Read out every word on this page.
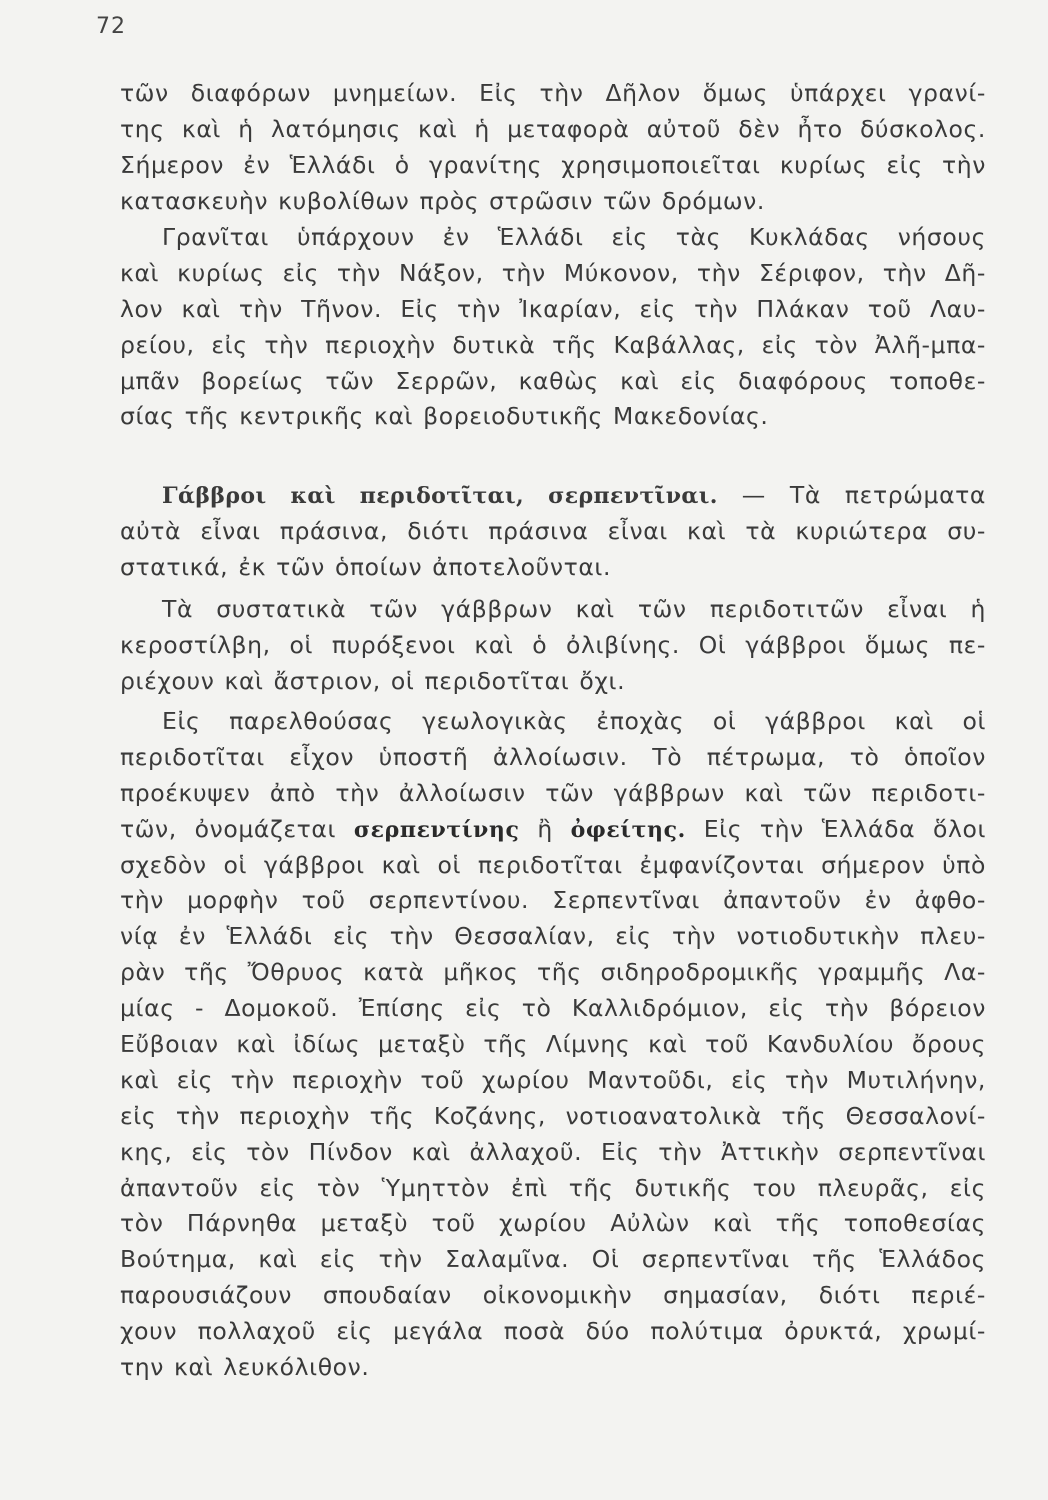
72
τῶν διαφόρων μνημείων. Εἰς τὴν Δῆλον ὅμως ὑπάρχει γρανί-
της καὶ ἡ λατόμησις καὶ ἡ μεταφορὰ αὐτοῦ δὲν ἦτο δύσκολος.
Σήμερον ἐν Ἑλλάδι ὁ γρανίτης χρησιμοποιεῖται κυρίως εἰς τὴν
κατασκευὴν κυβολίθων πρὸς στρῶσιν τῶν δρόμων.
Γρανῖται ὑπάρχουν ἐν Ἑλλάδι εἰς τὰς Κυκλάδας νήσους
καὶ κυρίως εἰς τὴν Νάξον, τὴν Μύκονον, τὴν Σέριφον, τὴν Δῆ-
λον καὶ τὴν Τῆνον. Εἰς τὴν Ἰκαρίαν, εἰς τὴν Πλάκαν τοῦ Λαυ-
ρείου, εἰς τὴν περιοχὴν δυτικὰ τῆς Καβάλλας, εἰς τὸν Ἀλῆ-μπα-
μπᾶν βορείως τῶν Σερρῶν, καθὼς καὶ εἰς διαφόρους τοποθε-
σίας τῆς κεντρικῆς καὶ βορειοδυτικῆς Μακεδονίας.
Γάββροι καὶ περιδοτῖται, σερπεντῖναι. — Τὰ πετρώματα
αὐτὰ εἶναι πράσινα, διότι πράσινα εἶναι καὶ τὰ κυριώτερα συ-
στατικά, ἐκ τῶν ὁποίων ἀποτελοῦνται.
Τὰ συστατικὰ τῶν γάββρων καὶ τῶν περιδοτιτῶν εἶναι ἡ
κεροστίλβη, οἱ πυρόξενοι καὶ ὁ ὀλιβίνης. Οἱ γάββροι ὅμως πε-
ριέχουν καὶ ἄστριον, οἱ περιδοτῖται ὄχι.
Εἰς παρελθούσας γεωλογικὰς ἐποχὰς οἱ γάββροι καὶ οἱ
περιδοτῖται εἶχον ὑποστῆ ἀλλοίωσιν. Τὸ πέτρωμα, τὸ ὁποῖον
προέκυψεν ἀπὸ τὴν ἀλλοίωσιν τῶν γάββρων καὶ τῶν περιδοτι-
τῶν, ὀνομάζεται σερπεντίνης ἢ ὀφείτης. Εἰς τὴν Ἑλλάδα ὅλοι
σχεδὸν οἱ γάββροι καὶ οἱ περιδοτῖται ἐμφανίζονται σήμερον ὑπὸ
τὴν μορφὴν τοῦ σερπεντίνου. Σερπεντῖναι ἀπαντοῦν ἐν ἀφθο-
νίᾳ ἐν Ἑλλάδι εἰς τὴν Θεσσαλίαν, εἰς τὴν νοτιοδυτικὴν πλευ-
ρὰν τῆς Ὄθρυος κατὰ μῆκος τῆς σιδηροδρομικῆς γραμμῆς Λα-
μίας - Δομοκοῦ. Ἐπίσης εἰς τὸ Καλλιδρόμιον, εἰς τὴν βόρειον
Εὔβοιαν καὶ ἰδίως μεταξὺ τῆς Λίμνης καὶ τοῦ Κανδυλίου ὄρους
καὶ εἰς τὴν περιοχὴν τοῦ χωρίου Μαντοῦδι, εἰς τὴν Μυτιλήνην,
εἰς τὴν περιοχὴν τῆς Κοζάνης, νοτιοανατολικὰ τῆς Θεσσαλονί-
κης, εἰς τὸν Πίνδον καὶ ἀλλαχοῦ. Εἰς τὴν Ἀττικὴν σερπεντῖναι
ἀπαντοῦν εἰς τὸν Ὑμηττὸν ἐπὶ τῆς δυτικῆς του πλευρᾶς, εἰς
τὸν Πάρνηθα μεταξὺ τοῦ χωρίου Αὐλὼν καὶ τῆς τοποθεσίας
Βούτημα, καὶ εἰς τὴν Σαλαμῖνα. Οἱ σερπεντῖναι τῆς Ἑλλάδος
παρουσιάζουν σπουδαίαν οἰκονομικὴν σημασίαν, διότι περιέ-
χουν πολλαχοῦ εἰς μεγάλα ποσὰ δύο πολύτιμα ὀρυκτά, χρωμί-
την καὶ λευκόλιθον.
